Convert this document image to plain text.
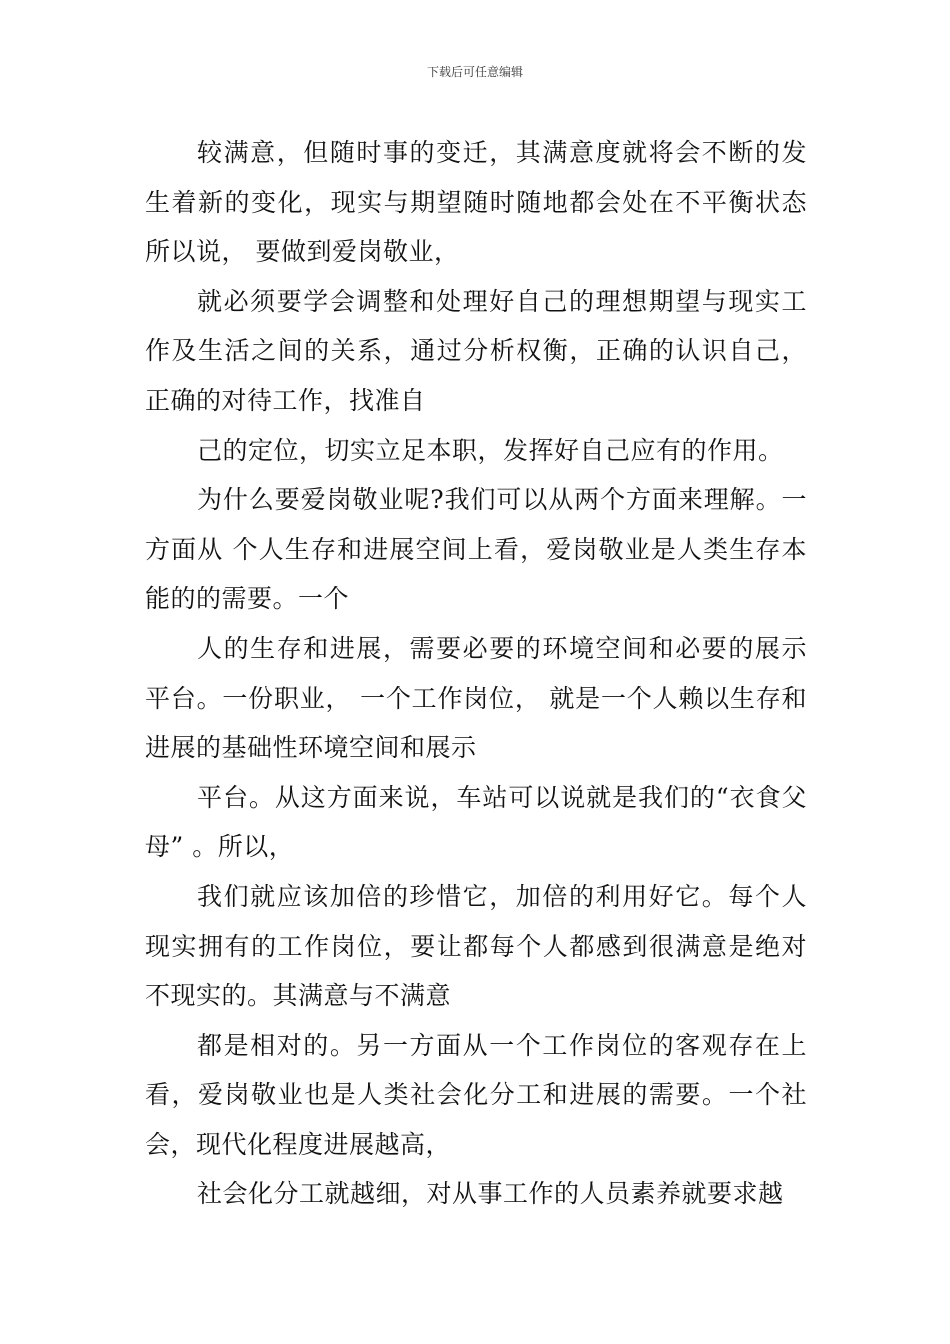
下载后可任意编辑

较满意，但随时事的变迁，其满意度就将会不断的发生着新的变化，现实与期望随时随地都会处在不平衡状态 所以说， 要做到爱岗敬业，

就必须要学会调整和处理好自己的理想期望与现实工作及生活之间的关系，通过分析权衡，正确的认识自己，正确的对待工作，找准自

己的定位，切实立足本职，发挥好自己应有的作用。

为什么要爱岗敬业呢?我们可以从两个方面来理解。一方面从 个人生存和进展空间上看，爱岗敬业是人类生存本能的的需要。一个

人的生存和进展，需要必要的环境空间和必要的展示平台。一份职业， 一个工作岗位， 就是一个人赖以生存和进展的基础性环境空间和展示

平台。从这方面来说，车站可以说就是我们的“衣食父母” 。所以，

我们就应该加倍的珍惜它，加倍的利用好它。每个人现实拥有的工作岗位，要让都每个人都感到很满意是绝对不现实的。其满意与不满意

都是相对的。另一方面从一个工作岗位的客观存在上看，爱岗敬业也是人类社会化分工和进展的需要。一个社会，现代化程度进展越高，

社会化分工就越细，对从事工作的人员素养就要求越
